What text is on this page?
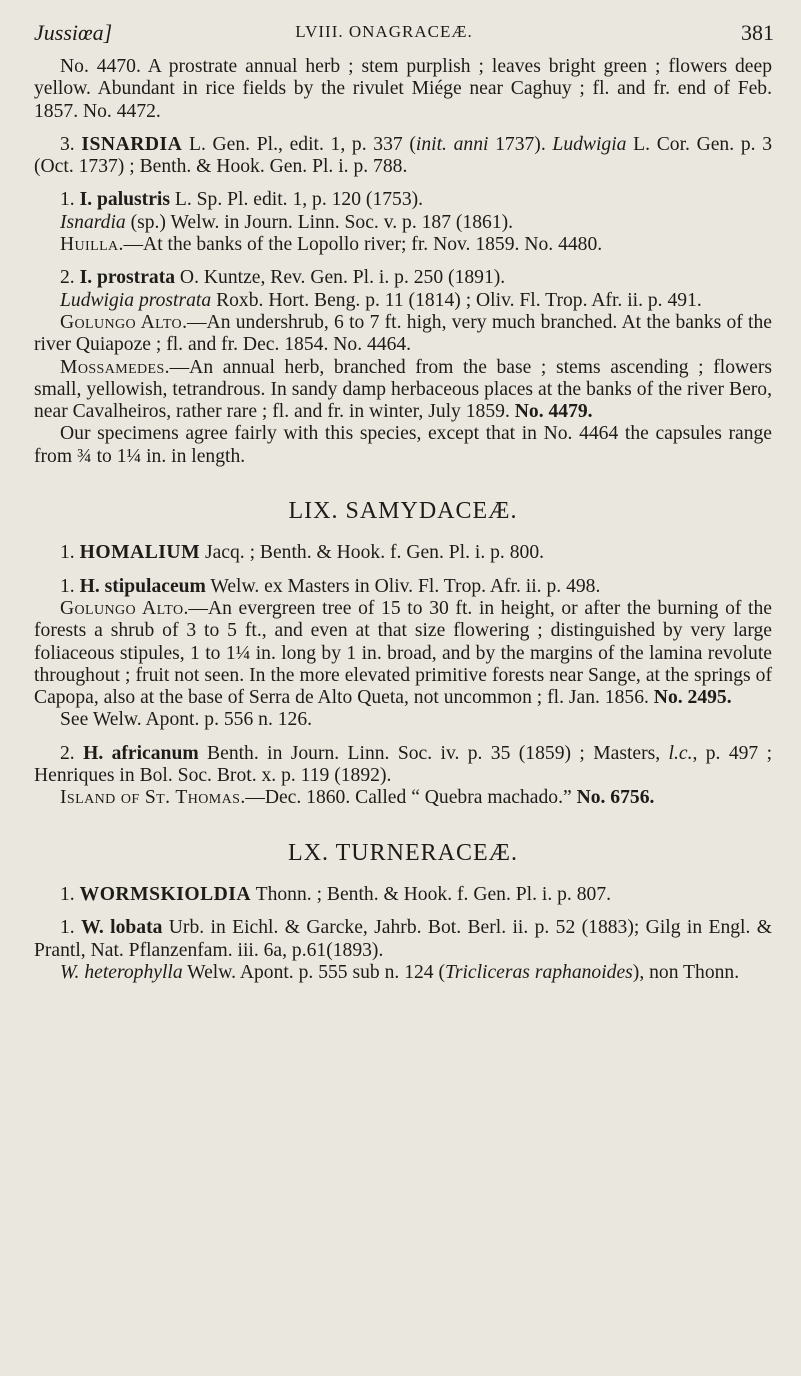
Jussiœa]	LVIII. ONAGRACEÆ.	381

No. 4470. A prostrate annual herb ; stem purplish ; leaves bright green ; flowers deep yellow. Abundant in rice fields by the rivulet Miége near Caghuy ; fl. and fr. end of Feb. 1857. No. 4472.

3. ISNARDIA L. Gen. Pl., edit. 1, p. 337 (init. anni 1737). Ludwigia L. Cor. Gen. p. 3 (Oct. 1737) ; Benth. & Hook. Gen. Pl. i. p. 788.

1. I. palustris L. Sp. Pl. edit. 1, p. 120 (1753).

Isnardia (sp.) Welw. in Journ. Linn. Soc. v. p. 187 (1861).

Huilla.—At the banks of the Lopollo river; fr. Nov. 1859. No. 4480.

2. I. prostrata O. Kuntze, Rev. Gen. Pl. i. p. 250 (1891).

Ludwigia prostrata Roxb. Hort. Beng. p. 11 (1814) ; Oliv. Fl. Trop. Afr. ii. p. 491.

Golungo Alto.—An undershrub, 6 to 7 ft. high, very much branched. At the banks of the river Quiapoze ; fl. and fr. Dec. 1854. No. 4464.

Mossamedes.—An annual herb, branched from the base ; stems ascending ; flowers small, yellowish, tetrandrous. In sandy damp herbaceous places at the banks of the river Bero, near Cavalheiros, rather rare ; fl. and fr. in winter, July 1859. No. 4479.

Our specimens agree fairly with this species, except that in No. 4464 the capsules range from ¾ to 1¼ in. in length.

LIX. SAMYDACEÆ.

1. HOMALIUM Jacq. ; Benth. & Hook. f. Gen. Pl. i. p. 800.

1. H. stipulaceum Welw. ex Masters in Oliv. Fl. Trop. Afr. ii. p. 498.

Golungo Alto.—An evergreen tree of 15 to 30 ft. in height, or after the burning of the forests a shrub of 3 to 5 ft., and even at that size flowering ; distinguished by very large foliaceous stipules, 1 to 1¼ in. long by 1 in. broad, and by the margins of the lamina revolute throughout ; fruit not seen. In the more elevated primitive forests near Sange, at the springs of Capopa, also at the base of Serra de Alto Queta, not uncommon ; fl. Jan. 1856. No. 2495.

See Welw. Apont. p. 556 n. 126.

2. H. africanum Benth. in Journ. Linn. Soc. iv. p. 35 (1859) ; Masters, l.c., p. 497 ; Henriques in Bol. Soc. Brot. x. p. 119 (1892).

Island of St. Thomas.—Dec. 1860. Called “ Quebra machado.” No. 6756.

LX. TURNERACEÆ.

1. WORMSKIOLDIA Thonn. ; Benth. & Hook. f. Gen. Pl. i. p. 807.

1. W. lobata Urb. in Eichl. & Garcke, Jahrb. Bot. Berl. ii. p. 52 (1883); Gilg in Engl. & Prantl, Nat. Pflanzenfam. iii. 6a, p.61(1893).

W. heterophylla Welw. Apont. p. 555 sub n. 124 (Tricliceras raphanoides), non Thonn.
